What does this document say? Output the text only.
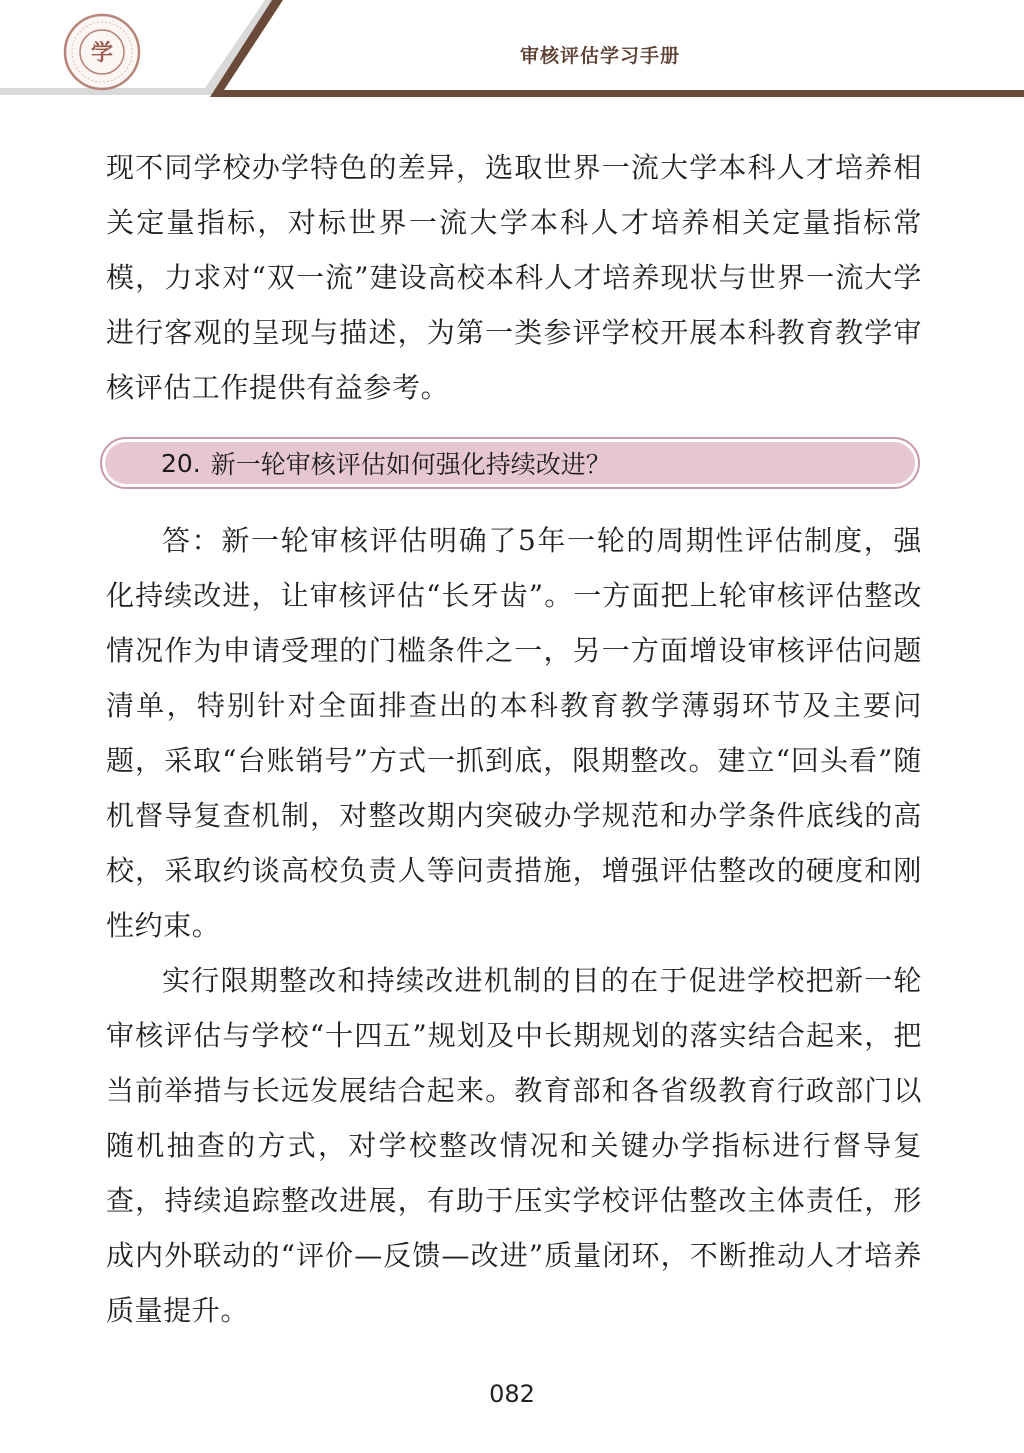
学	审核评估学习手册

现不同学校办学特色的差异，选取世界一流大学本科人才培养相关定量指标，对标世界一流大学本科人才培养相关定量指标常模，力求对“双一流”建设高校本科人才培养现状与世界一流大学进行客观的呈现与描述，为第一类参评学校开展本科教育教学审核评估工作提供有益参考。

20. 新一轮审核评估如何强化持续改进？

答：新一轮审核评估明确了5年一轮的周期性评估制度，强化持续改进，让审核评估“长牙齿”。一方面把上轮审核评估整改情况作为申请受理的门槛条件之一，另一方面增设审核评估问题清单，特别针对全面排查出的本科教育教学薄弱环节及主要问题，采取“台账销号”方式一抓到底，限期整改。建立“回头看”随机督导复查机制，对整改期内突破办学规范和办学条件底线的高校，采取约谈高校负责人等问责措施，增强评估整改的硬度和刚性约束。

实行限期整改和持续改进机制的目的在于促进学校把新一轮审核评估与学校“十四五”规划及中长期规划的落实结合起来，把当前举措与长远发展结合起来。教育部和各省级教育行政部门以随机抽查的方式，对学校整改情况和关键办学指标进行督导复查，持续追踪整改进展，有助于压实学校评估整改主体责任，形成内外联动的“评价—反馈—改进”质量闭环，不断推动人才培养质量提升。

082
